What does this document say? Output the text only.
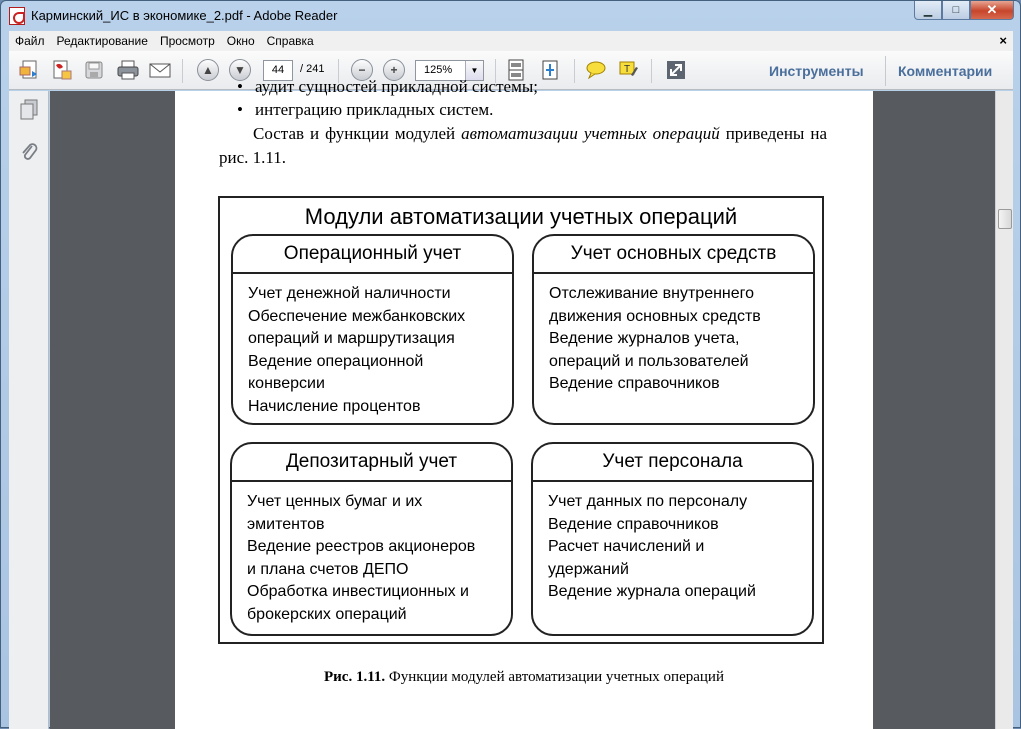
Карминский_ИС в экономике_2.pdf - Adobe Reader	▁	□	✕
Файл	Редактирование	Просмотр	Окно	Справка	×
▲	▼	44	/ 241	−	+	125%	▼	T	Инструменты Комментарии
• аудит сущностей прикладной системы;
• интеграцию прикладных систем.
Состав и функции модулей автоматизации учетных операций приведены на рис. 1.11.
Модули автоматизации учетных операций
Операционный учет
Учет денежной наличности
Обеспечение межбанковских
операций и маршрутизация
Ведение операционной
конверсии
Начисление процентов
Учет основных средств
Отслеживание внутреннего
движения основных средств
Ведение журналов учета,
операций и пользователей
Ведение справочников
Депозитарный учет
Учет ценных бумаг и их
эмитентов
Ведение реестров акционеров
и плана счетов ДЕПО
Обработка инвестиционных и
брокерских операций
Учет персонала
Учет данных по персоналу
Ведение справочников
Расчет начислений и
удержаний
Ведение журнала операций
Рис. 1.11. Функции модулей автоматизации учетных операций
